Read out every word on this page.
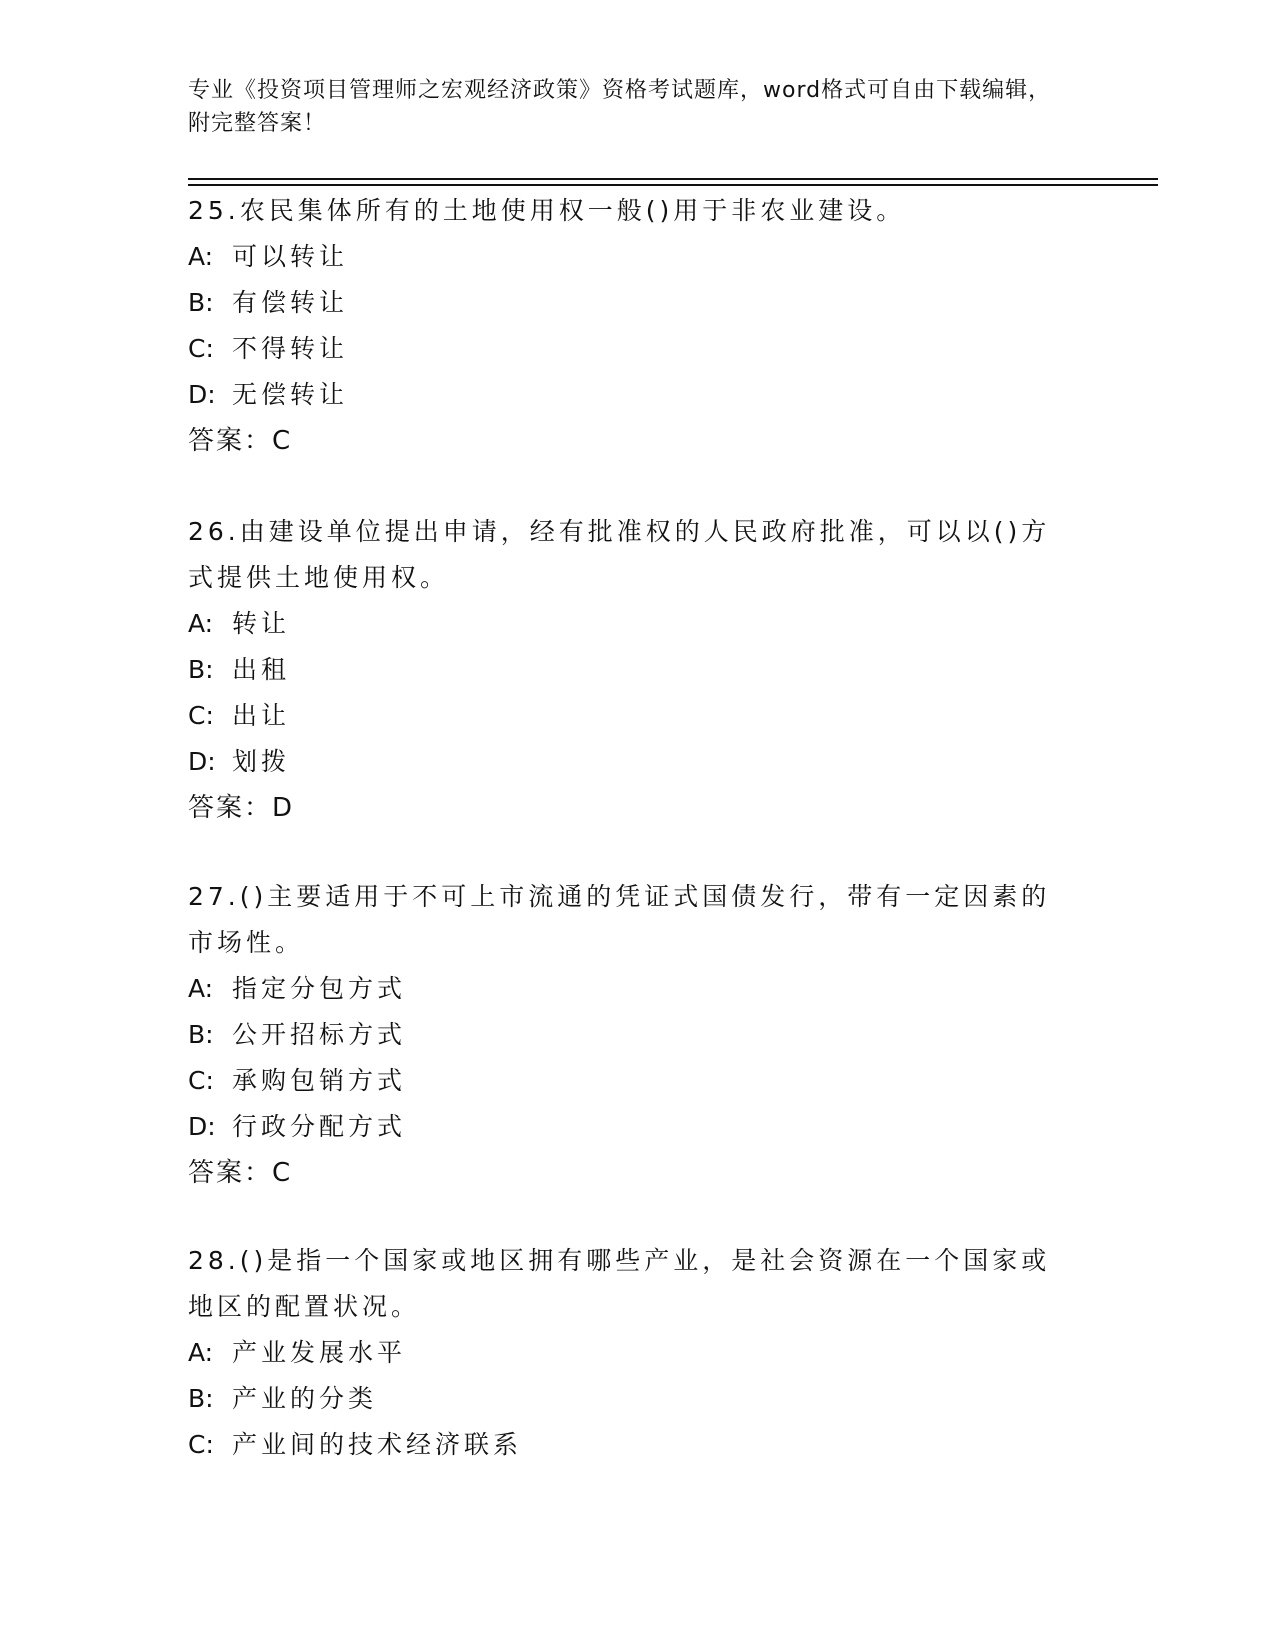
专业《投资项目管理师之宏观经济政策》资格考试题库，word格式可自由下载编辑，附完整答案！

25.农民集体所有的土地使用权一般()用于非农业建设。

A: 可以转让

B: 有偿转让

C: 不得转让

D: 无偿转让

答案：C

26.由建设单位提出申请，经有批准权的人民政府批准，可以以()方式提供土地使用权。

A: 转让

B: 出租

C: 出让

D: 划拨

答案：D

27.()主要适用于不可上市流通的凭证式国债发行，带有一定因素的市场性。

A: 指定分包方式

B: 公开招标方式

C: 承购包销方式

D: 行政分配方式

答案：C

28.()是指一个国家或地区拥有哪些产业，是社会资源在一个国家或地区的配置状况。

A: 产业发展水平

B: 产业的分类

C: 产业间的技术经济联系
